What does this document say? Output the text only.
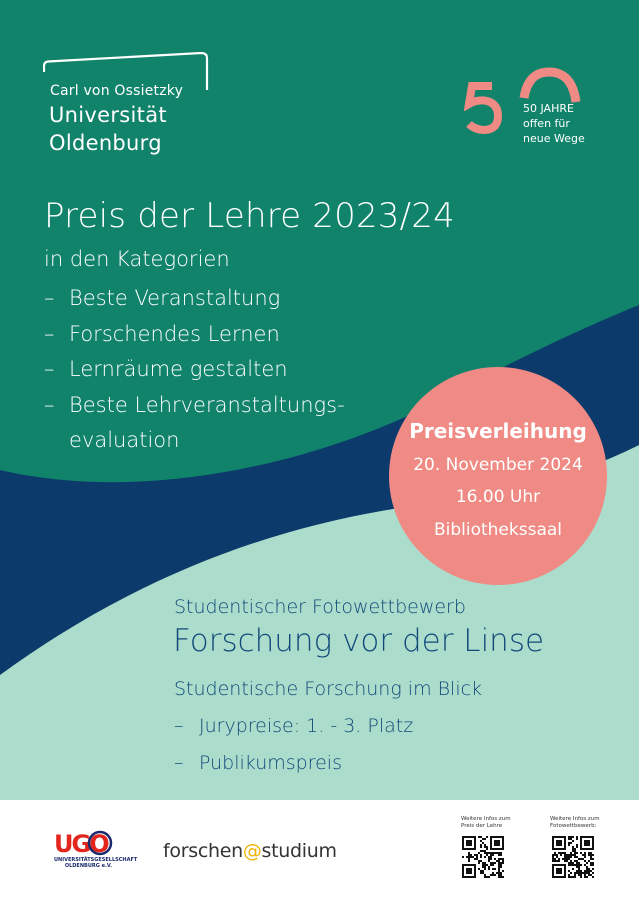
Carl von Ossietzky
Universität
Oldenburg
50 JAHRE
offen für
neue Wege
Preis der Lehre 2023/24
in den Kategorien
– Beste Veranstaltung
– Forschendes Lernen
– Lernräume gestalten
– Beste Lehrveranstaltungs-
evaluation	Preisverleihung
20. November 2024
16.00 Uhr
Bibliothekssaal
Studentischer Fotowettbewerb
Forschung vor der Linse
Studentische Forschung im Blick
– Jurypreise: 1. - 3. Platz
– Publikumspreis
UGO
UNIVERSITÄTSGESELLSCHAFT
OLDENBURG e.V.
forschen@studium
Weitere Infos zum
Preis der Lehre
Weitere Infos zum
Fotowettbewerb:
